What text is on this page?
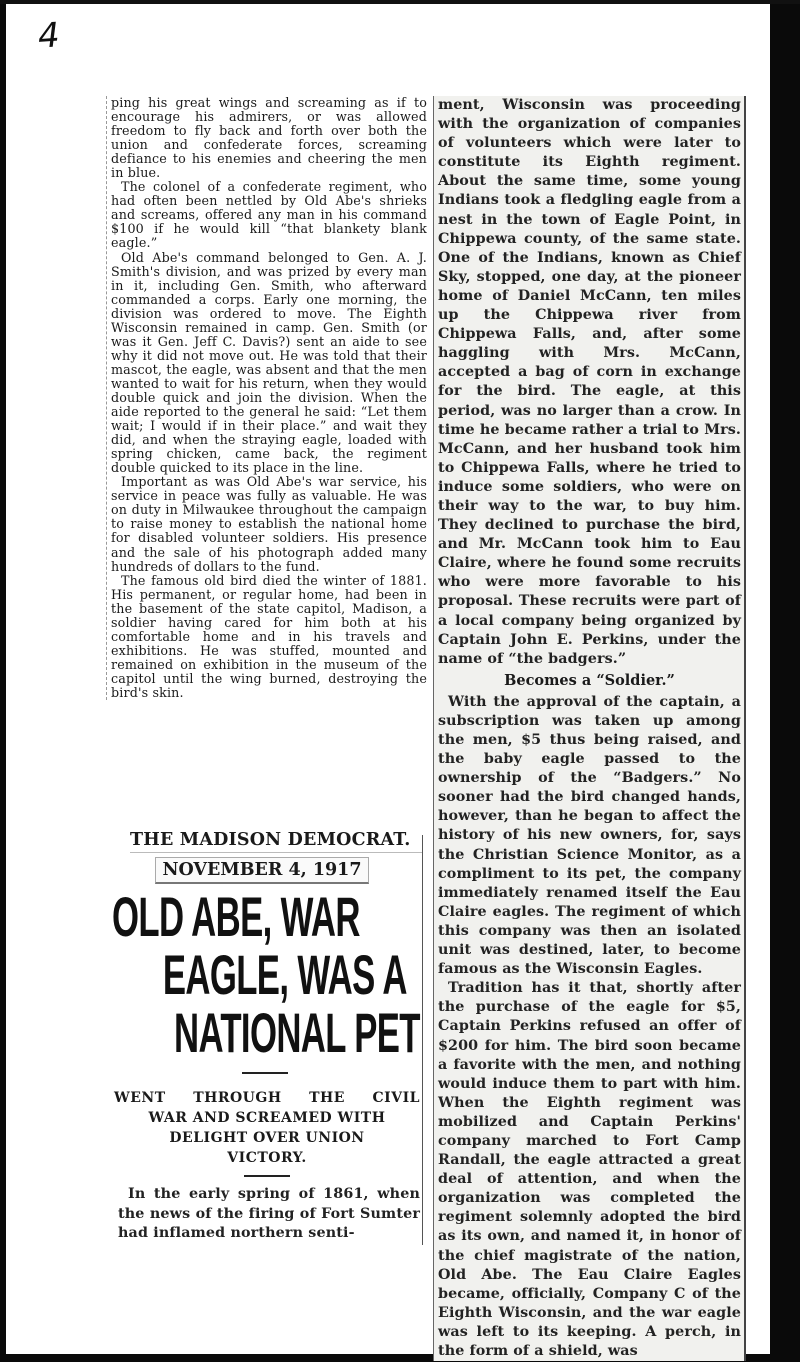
4

ping his great wings and screaming as if to encourage his admirers, or was allowed freedom to fly back and forth over both the union and confederate forces, screaming defiance to his enemies and cheering the men in blue.

The colonel of a confederate regiment, who had often been nettled by Old Abe's shrieks and screams, offered any man in his command $100 if he would kill “that blankety blank eagle.”

Old Abe's command belonged to Gen. A. J. Smith's division, and was prized by every man in it, including Gen. Smith, who afterward commanded a corps. Early one morning, the division was ordered to move. The Eighth Wisconsin remained in camp. Gen. Smith (or was it Gen. Jeff C. Davis?) sent an aide to see why it did not move out. He was told that their mascot, the eagle, was absent and that the men wanted to wait for his return, when they would double quick and join the division. When the aide reported to the general he said: “Let them wait; I would if in their place.” and wait they did, and when the straying eagle, loaded with spring chicken, came back, the regiment double quicked to its place in the line.

Important as was Old Abe's war service, his service in peace was fully as valuable. He was on duty in Milwaukee throughout the campaign to raise money to establish the national home for disabled volunteer soldiers. His presence and the sale of his photograph added many hundreds of dollars to the fund.

The famous old bird died the winter of 1881. His permanent, or regular home, had been in the basement of the state capitol, Madison, a soldier having cared for him both at his comfortable home and in his travels and exhibitions. He was stuffed, mounted and remained on exhibition in the museum of the capitol until the wing burned, destroying the bird's skin.

THE MADISON DEMOCRAT.
NOVEMBER 4, 1917
OLD ABE, WAR
EAGLE, WAS A
NATIONAL PET
WENT THROUGH THE CIVIL
WAR AND SCREAMED WITH
DELIGHT OVER UNION
VICTORY.

In the early spring of 1861, when the news of the firing of Fort Sumter had inflamed northern senti-

ment, Wisconsin was proceeding with the organization of companies of volunteers which were later to constitute its Eighth regiment. About the same time, some young Indians took a fledgling eagle from a nest in the town of Eagle Point, in Chippewa county, of the same state. One of the Indians, known as Chief Sky, stopped, one day, at the pioneer home of Daniel McCann, ten miles up the Chippewa river from Chippewa Falls, and, after some haggling with Mrs. McCann, accepted a bag of corn in exchange for the bird. The eagle, at this period, was no larger than a crow. In time he became rather a trial to Mrs. McCann, and her husband took him to Chippewa Falls, where he tried to induce some soldiers, who were on their way to the war, to buy him. They declined to purchase the bird, and Mr. McCann took him to Eau Claire, where he found some recruits who were more favorable to his proposal. These recruits were part of a local company being organized by Captain John E. Perkins, under the name of “the badgers.”

Becomes a “Soldier.”

With the approval of the captain, a subscription was taken up among the men, $5 thus being raised, and the baby eagle passed to the ownership of the “Badgers.” No sooner had the bird changed hands, however, than he began to affect the history of his new owners, for, says the Christian Science Monitor, as a compliment to its pet, the company immediately renamed itself the Eau Claire eagles. The regiment of which this company was then an isolated unit was destined, later, to become famous as the Wisconsin Eagles.

Tradition has it that, shortly after the purchase of the eagle for $5, Captain Perkins refused an offer of $200 for him. The bird soon became a favorite with the men, and nothing would induce them to part with him. When the Eighth regiment was mobilized and Captain Perkins' company marched to Fort Camp Randall, the eagle attracted a great deal of attention, and when the organization was completed the regiment solemnly adopted the bird as its own, and named it, in honor of the chief magistrate of the nation, Old Abe. The Eau Claire Eagles became, officially, Company C of the Eighth Wisconsin, and the war eagle was left to its keeping. A perch, in the form of a shield, was
